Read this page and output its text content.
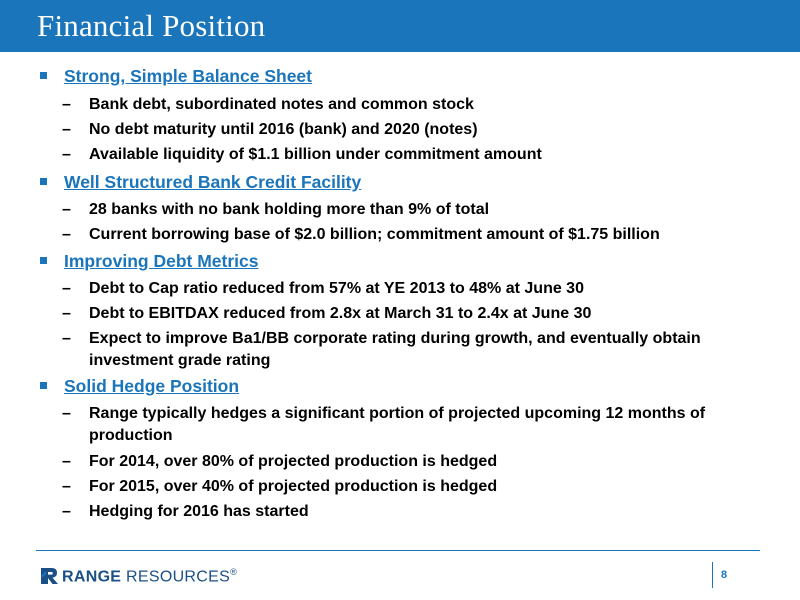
Financial Position
Strong, Simple Balance Sheet
– Bank debt, subordinated notes and common stock
– No debt maturity until 2016 (bank) and 2020 (notes)
– Available liquidity of $1.1 billion under commitment amount
Well Structured Bank Credit Facility
– 28 banks with no bank holding more than 9% of total
– Current borrowing base of $2.0 billion; commitment amount of $1.75 billion
Improving Debt Metrics
– Debt to Cap ratio reduced from 57% at YE 2013 to 48% at June 30
– Debt to EBITDAX reduced from 2.8x at March 31 to 2.4x at June 30
– Expect to improve Ba1/BB corporate rating during growth, and eventually obtain investment grade rating
Solid Hedge Position
– Range typically hedges a significant portion of projected upcoming 12 months of production
– For 2014, over 80% of projected production is hedged
– For 2015, over 40% of projected production is hedged
– Hedging for 2016 has started
RANGE RESOURCES®	8
